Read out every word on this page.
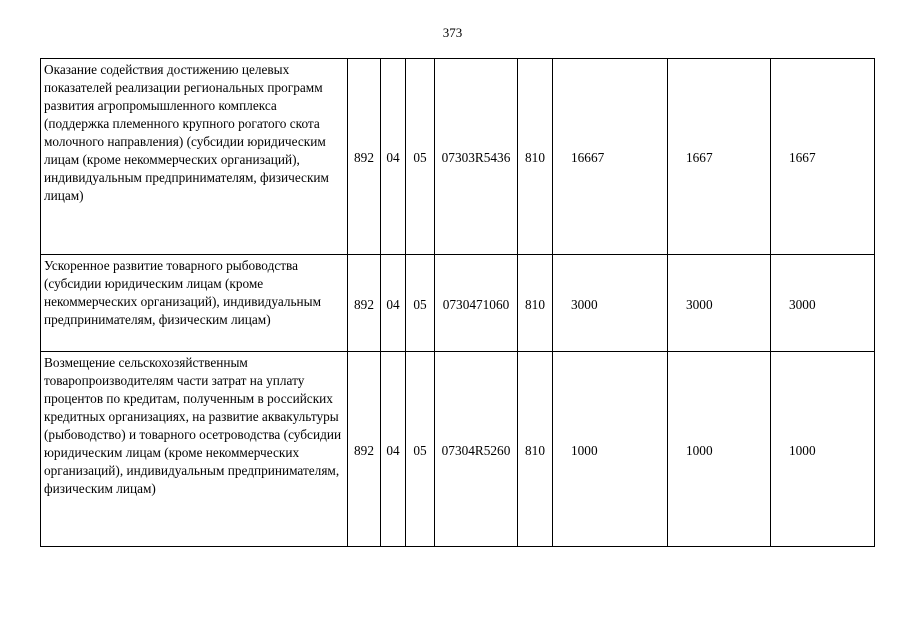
373
Оказание содействия достижению целевых показателей реализации региональных программ развития агропромышленного комплекса (поддержка племенного крупного рогатого скота молочного направления) (субсидии юридическим лицам (кроме некоммерческих организаций), индивидуальным предпринимателям, физическим лицам)	892	04	05	07303R5436	810	16667	1667	1667
Ускоренное развитие товарного рыбоводства (субсидии юридическим лицам (кроме некоммерческих организаций), индивидуальным предпринимателям, физическим лицам)	892	04	05	0730471060	810	3000	3000	3000
Возмещение сельскохозяйственным товаропроизводителям части затрат на уплату процентов по кредитам, полученным в российских кредитных организациях, на развитие аквакультуры (рыбоводство) и товарного осетроводства (субсидии юридическим лицам (кроме некоммерческих организаций), индивидуальным предпринимателям, физическим лицам)	892	04	05	07304R5260	810	1000	1000	1000
